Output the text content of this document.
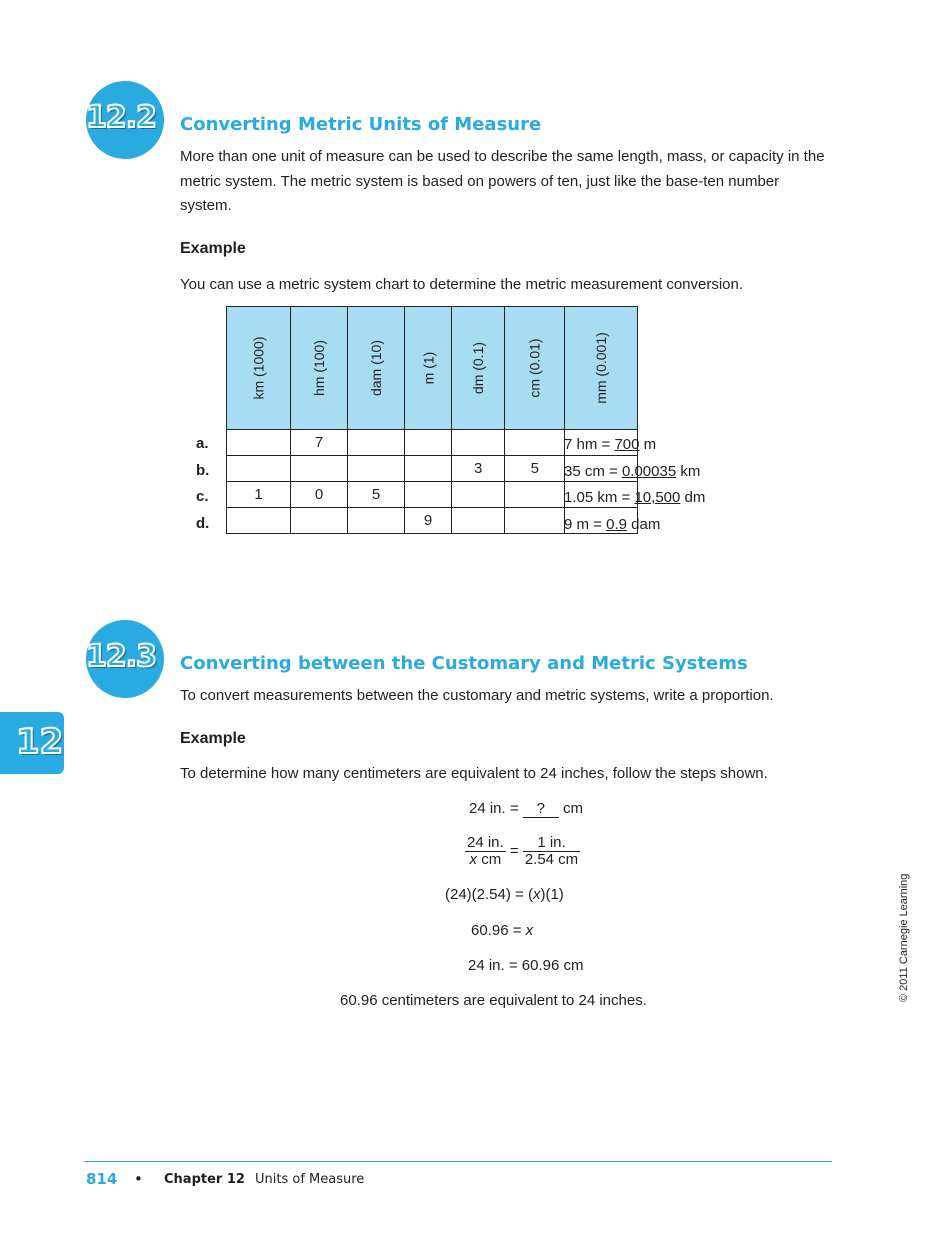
12.2 Converting Metric Units of Measure
More than one unit of measure can be used to describe the same length, mass, or capacity in the metric system. The metric system is based on powers of ten, just like the base-ten number system.
Example
You can use a metric system chart to determine the metric measurement conversion.
km (1000)	hm (100)	dam (10)	m (1)	dm (0.1)	cm (0.01)	mm (0.001)
	7					
				3	5	
1	0	5				
			9			
a.
b.
c.
d.
7 hm = 700 m
35 cm = 0.00035 km
1.05 km = 10,500 dm
9 m = 0.9 dam
12.3 Converting between the Customary and Metric Systems
To convert measurements between the customary and metric systems, write a proportion.
Example
To determine how many centimeters are equivalent to 24 inches, follow the steps shown.
24 in. = ? cm
$\frac{24 in.}{\text{x cm}} = \frac{1 in.}{2.54 cm}$
(24)(2.54) = (x)(1)
60.96 = x
24 in. = 60.96 cm
60.96 centimeters are equivalent to 24 inches.
12
© 2011 Carnegie Learning
814 • Chapter 12 Units of Measure
